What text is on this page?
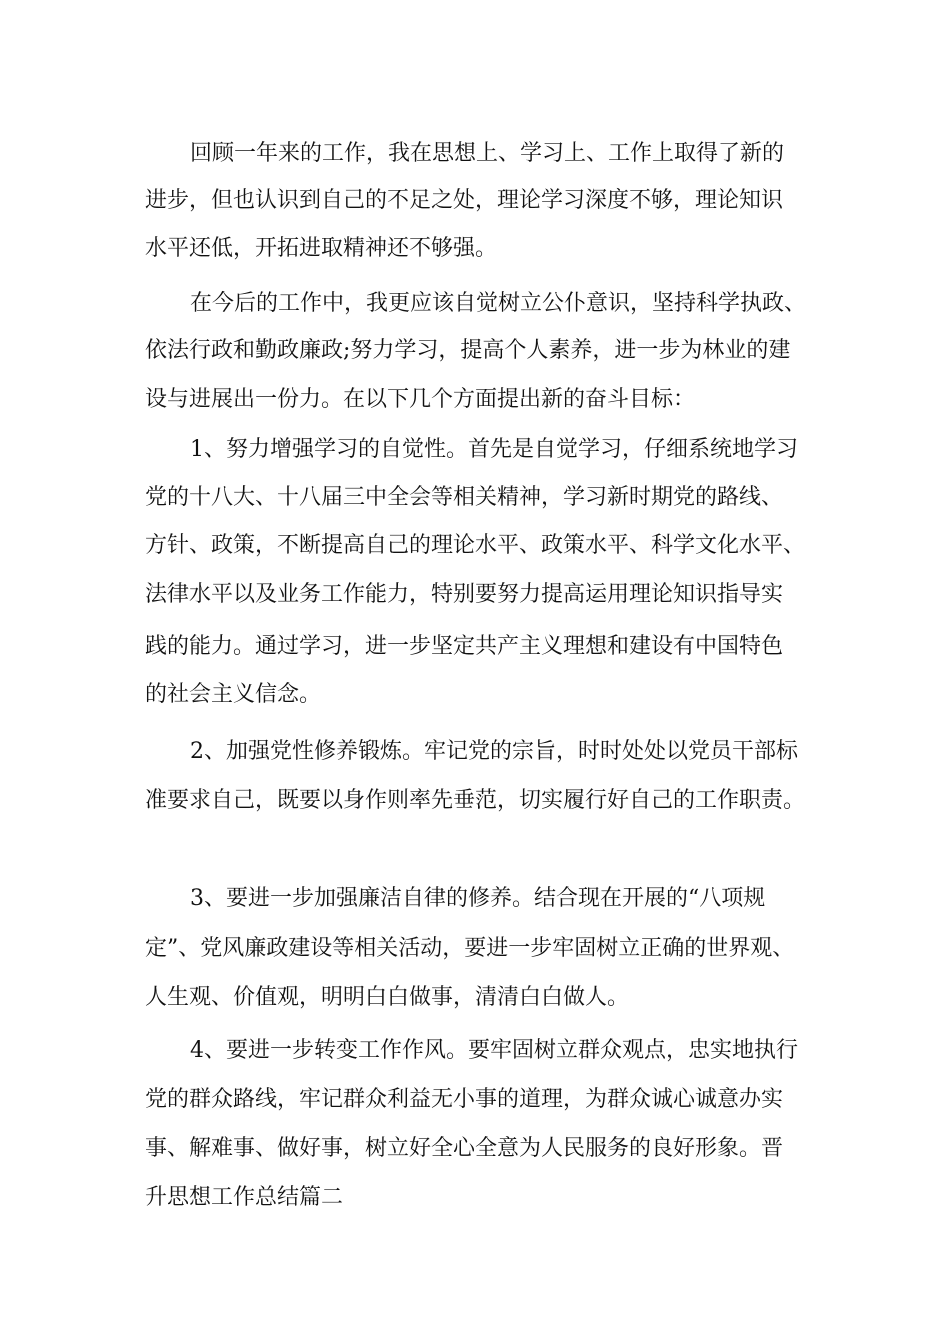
回顾一年来的工作，我在思想上、学习上、工作上取得了新的
进步，但也认识到自己的不足之处，理论学习深度不够，理论知识
水平还低，开拓进取精神还不够强。
在今后的工作中，我更应该自觉树立公仆意识，坚持科学执政、
依法行政和勤政廉政;努力学习，提高个人素养，进一步为林业的建
设与进展出一份力。在以下几个方面提出新的奋斗目标：
1、努力增强学习的自觉性。首先是自觉学习，仔细系统地学习
党的十八大、十八届三中全会等相关精神，学习新时期党的路线、
方针、政策，不断提高自己的理论水平、政策水平、科学文化水平、
法律水平以及业务工作能力，特别要努力提高运用理论知识指导实
践的能力。通过学习，进一步坚定共产主义理想和建设有中国特色
的社会主义信念。
2、加强党性修养锻炼。牢记党的宗旨，时时处处以党员干部标
准要求自己，既要以身作则率先垂范，切实履行好自己的工作职责。
3、要进一步加强廉洁自律的修养。结合现在开展的“八项规
定”、党风廉政建设等相关活动，要进一步牢固树立正确的世界观、
人生观、价值观，明明白白做事，清清白白做人。
4、要进一步转变工作作风。要牢固树立群众观点，忠实地执行
党的群众路线，牢记群众利益无小事的道理，为群众诚心诚意办实
事、解难事、做好事，树立好全心全意为人民服务的良好形象。晋
升思想工作总结篇二
